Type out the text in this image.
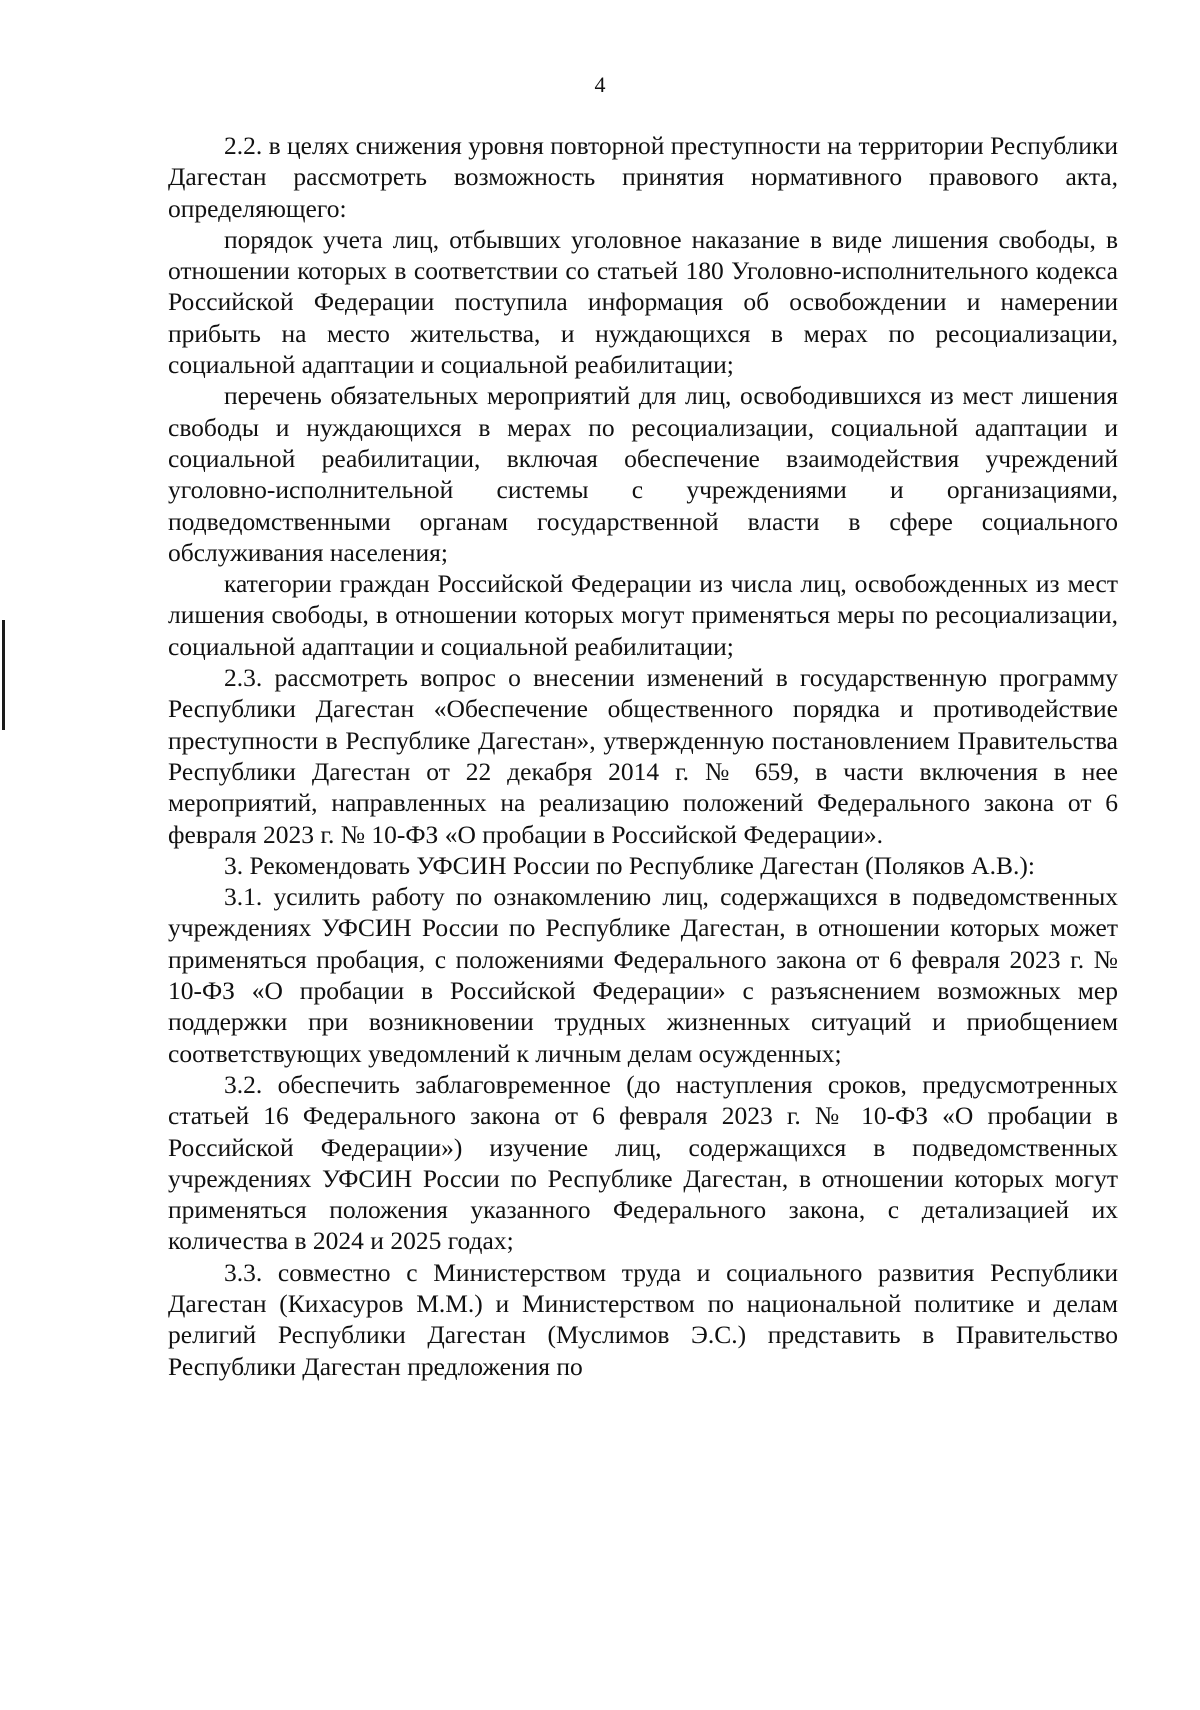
4

2.2. в целях снижения уровня повторной преступности на территории Республики Дагестан рассмотреть возможность принятия нормативного правового акта, определяющего:

порядок учета лиц, отбывших уголовное наказание в виде лишения свободы, в отношении которых в соответствии со статьей 180 Уголовно-исполнительного кодекса Российской Федерации поступила информация об освобождении и намерении прибыть на место жительства, и нуждающихся в мерах по ресоциализации, социальной адаптации и социальной реабилитации;

перечень обязательных мероприятий для лиц, освободившихся из мест лишения свободы и нуждающихся в мерах по ресоциализации, социальной адаптации и социальной реабилитации, включая обеспечение взаимодействия учреждений уголовно-исполнительной системы с учреждениями и организациями, подведомственными органам государственной власти в сфере социального обслуживания населения;

категории граждан Российской Федерации из числа лиц, освобожденных из мест лишения свободы, в отношении которых могут применяться меры по ресоциализации, социальной адаптации и социальной реабилитации;

2.3. рассмотреть вопрос о внесении изменений в государственную программу Республики Дагестан «Обеспечение общественного порядка и противодействие преступности в Республике Дагестан», утвержденную постановлением Правительства Республики Дагестан от 22 декабря 2014 г. № 659, в части включения в нее мероприятий, направленных на реализацию положений Федерального закона от 6 февраля 2023 г. № 10-ФЗ «О пробации в Российской Федерации».

3. Рекомендовать УФСИН России по Республике Дагестан (Поляков А.В.):

3.1. усилить работу по ознакомлению лиц, содержащихся в подведомственных учреждениях УФСИН России по Республике Дагестан, в отношении которых может применяться пробация, с положениями Федерального закона от 6 февраля 2023 г. № 10-ФЗ «О пробации в Российской Федерации» с разъяснением возможных мер поддержки при возникновении трудных жизненных ситуаций и приобщением соответствующих уведомлений к личным делам осужденных;

3.2. обеспечить заблаговременное (до наступления сроков, предусмотренных статьей 16 Федерального закона от 6 февраля 2023 г. № 10-ФЗ «О пробации в Российской Федерации») изучение лиц, содержащихся в подведомственных учреждениях УФСИН России по Республике Дагестан, в отношении которых могут применяться положения указанного Федерального закона, с детализацией их количества в 2024 и 2025 годах;

3.3. совместно с Министерством труда и социального развития Республики Дагестан (Кихасуров М.М.) и Министерством по национальной политике и делам религий Республики Дагестан (Муслимов Э.С.) представить в Правительство Республики Дагестан предложения по
